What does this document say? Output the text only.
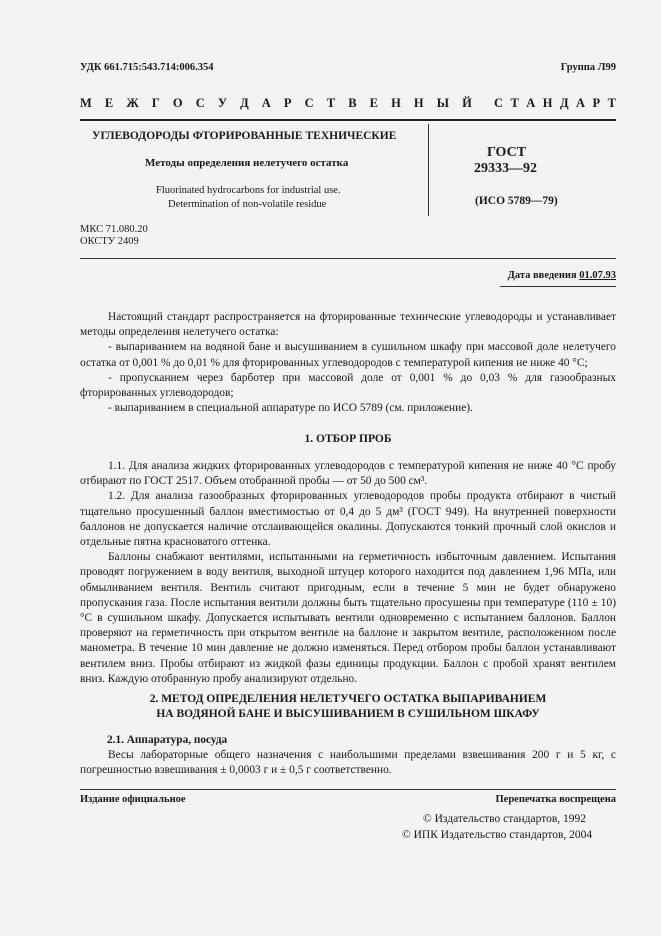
УДК 661.715:543.714:006.354	Группа Л99
М Е Ж Г О С У Д А Р С Т В Е Н Н Ы Й С Т А Н Д А Р Т
УГЛЕВОДОРОДЫ ФТОРИРОВАННЫЕ ТЕХНИЧЕСКИЕ
Методы определения нелетучего остатка
Fluorinated hydrocarbons for industrial use.
Determination of non-volatile residue
ГОСТ
29333—92
(ИСО 5789—79)
МКС 71.080.20
ОКСТУ 2409
Дата введения 01.07.93

Настоящий стандарт распространяется на фторированные технические углеводороды и устанавливает методы определения нелетучего остатка:

- выпариванием на водяной бане и высушиванием в сушильном шкафу при массовой доле нелетучего остатка от 0,001 % до 0,01 % для фторированных углеводородов с температурой кипения не ниже 40 °С;

- пропусканием через барботер при массовой доле от 0,001 % до 0,03 % для газообразных фторированных углеводородов;

- выпариванием в специальной аппаратуре по ИСО 5789 (см. приложение).

1. ОТБОР ПРОБ

1.1. Для анализа жидких фторированных углеводородов с температурой кипения не ниже 40 °С пробу отбирают по ГОСТ 2517. Объем отобранной пробы — от 50 до 500 см³.

1.2. Для анализа газообразных фторированных углеводородов пробы продукта отбирают в чистый тщательно просушенный баллон вместимостью от 0,4 до 5 дм³ (ГОСТ 949). На внутренней поверхности баллонов не допускается наличие отслаивающейся окалины. Допускаются тонкий прочный слой окислов и отдельные пятна красноватого оттенка.

Баллоны снабжают вентилями, испытанными на герметичность избыточным давлением. Испытания проводят погружением в воду вентиля, выходной штуцер которого находится под давлением 1,96 МПа, или обмыливанием вентиля. Вентиль считают пригодным, если в течение 5 мин не будет обнаружено пропускания газа. После испытания вентили должны быть тщательно просушены при температуре (110 ± 10) °С в сушильном шкафу. Допускается испытывать вентили одновременно с испытанием баллонов. Баллон проверяют на герметичность при открытом вентиле на баллоне и закрытом вентиле, расположенном после манометра. В течение 10 мин давление не должно изменяться. Перед отбором пробы баллон устанавливают вентилем вниз. Пробы отбирают из жидкой фазы единицы продукции. Баллон с пробой хранят вентилем вниз. Каждую отобранную пробу анализируют отдельно.

2. МЕТОД ОПРЕДЕЛЕНИЯ НЕЛЕТУЧЕГО ОСТАТКА ВЫПАРИВАНИЕМ
НА ВОДЯНОЙ БАНЕ И ВЫСУШИВАНИЕМ В СУШИЛЬНОМ ШКАФУ
2.1. Аппаратура, посуда

Весы лабораторные общего назначения с наибольшими пределами взвешивания 200 г и 5 кг, с погрешностью взвешивания ± 0,0003 г и ± 0,5 г соответственно.

Издание официальное	Перепечатка воспрещена
© Издательство стандартов, 1992
© ИПК Издательство стандартов, 2004
